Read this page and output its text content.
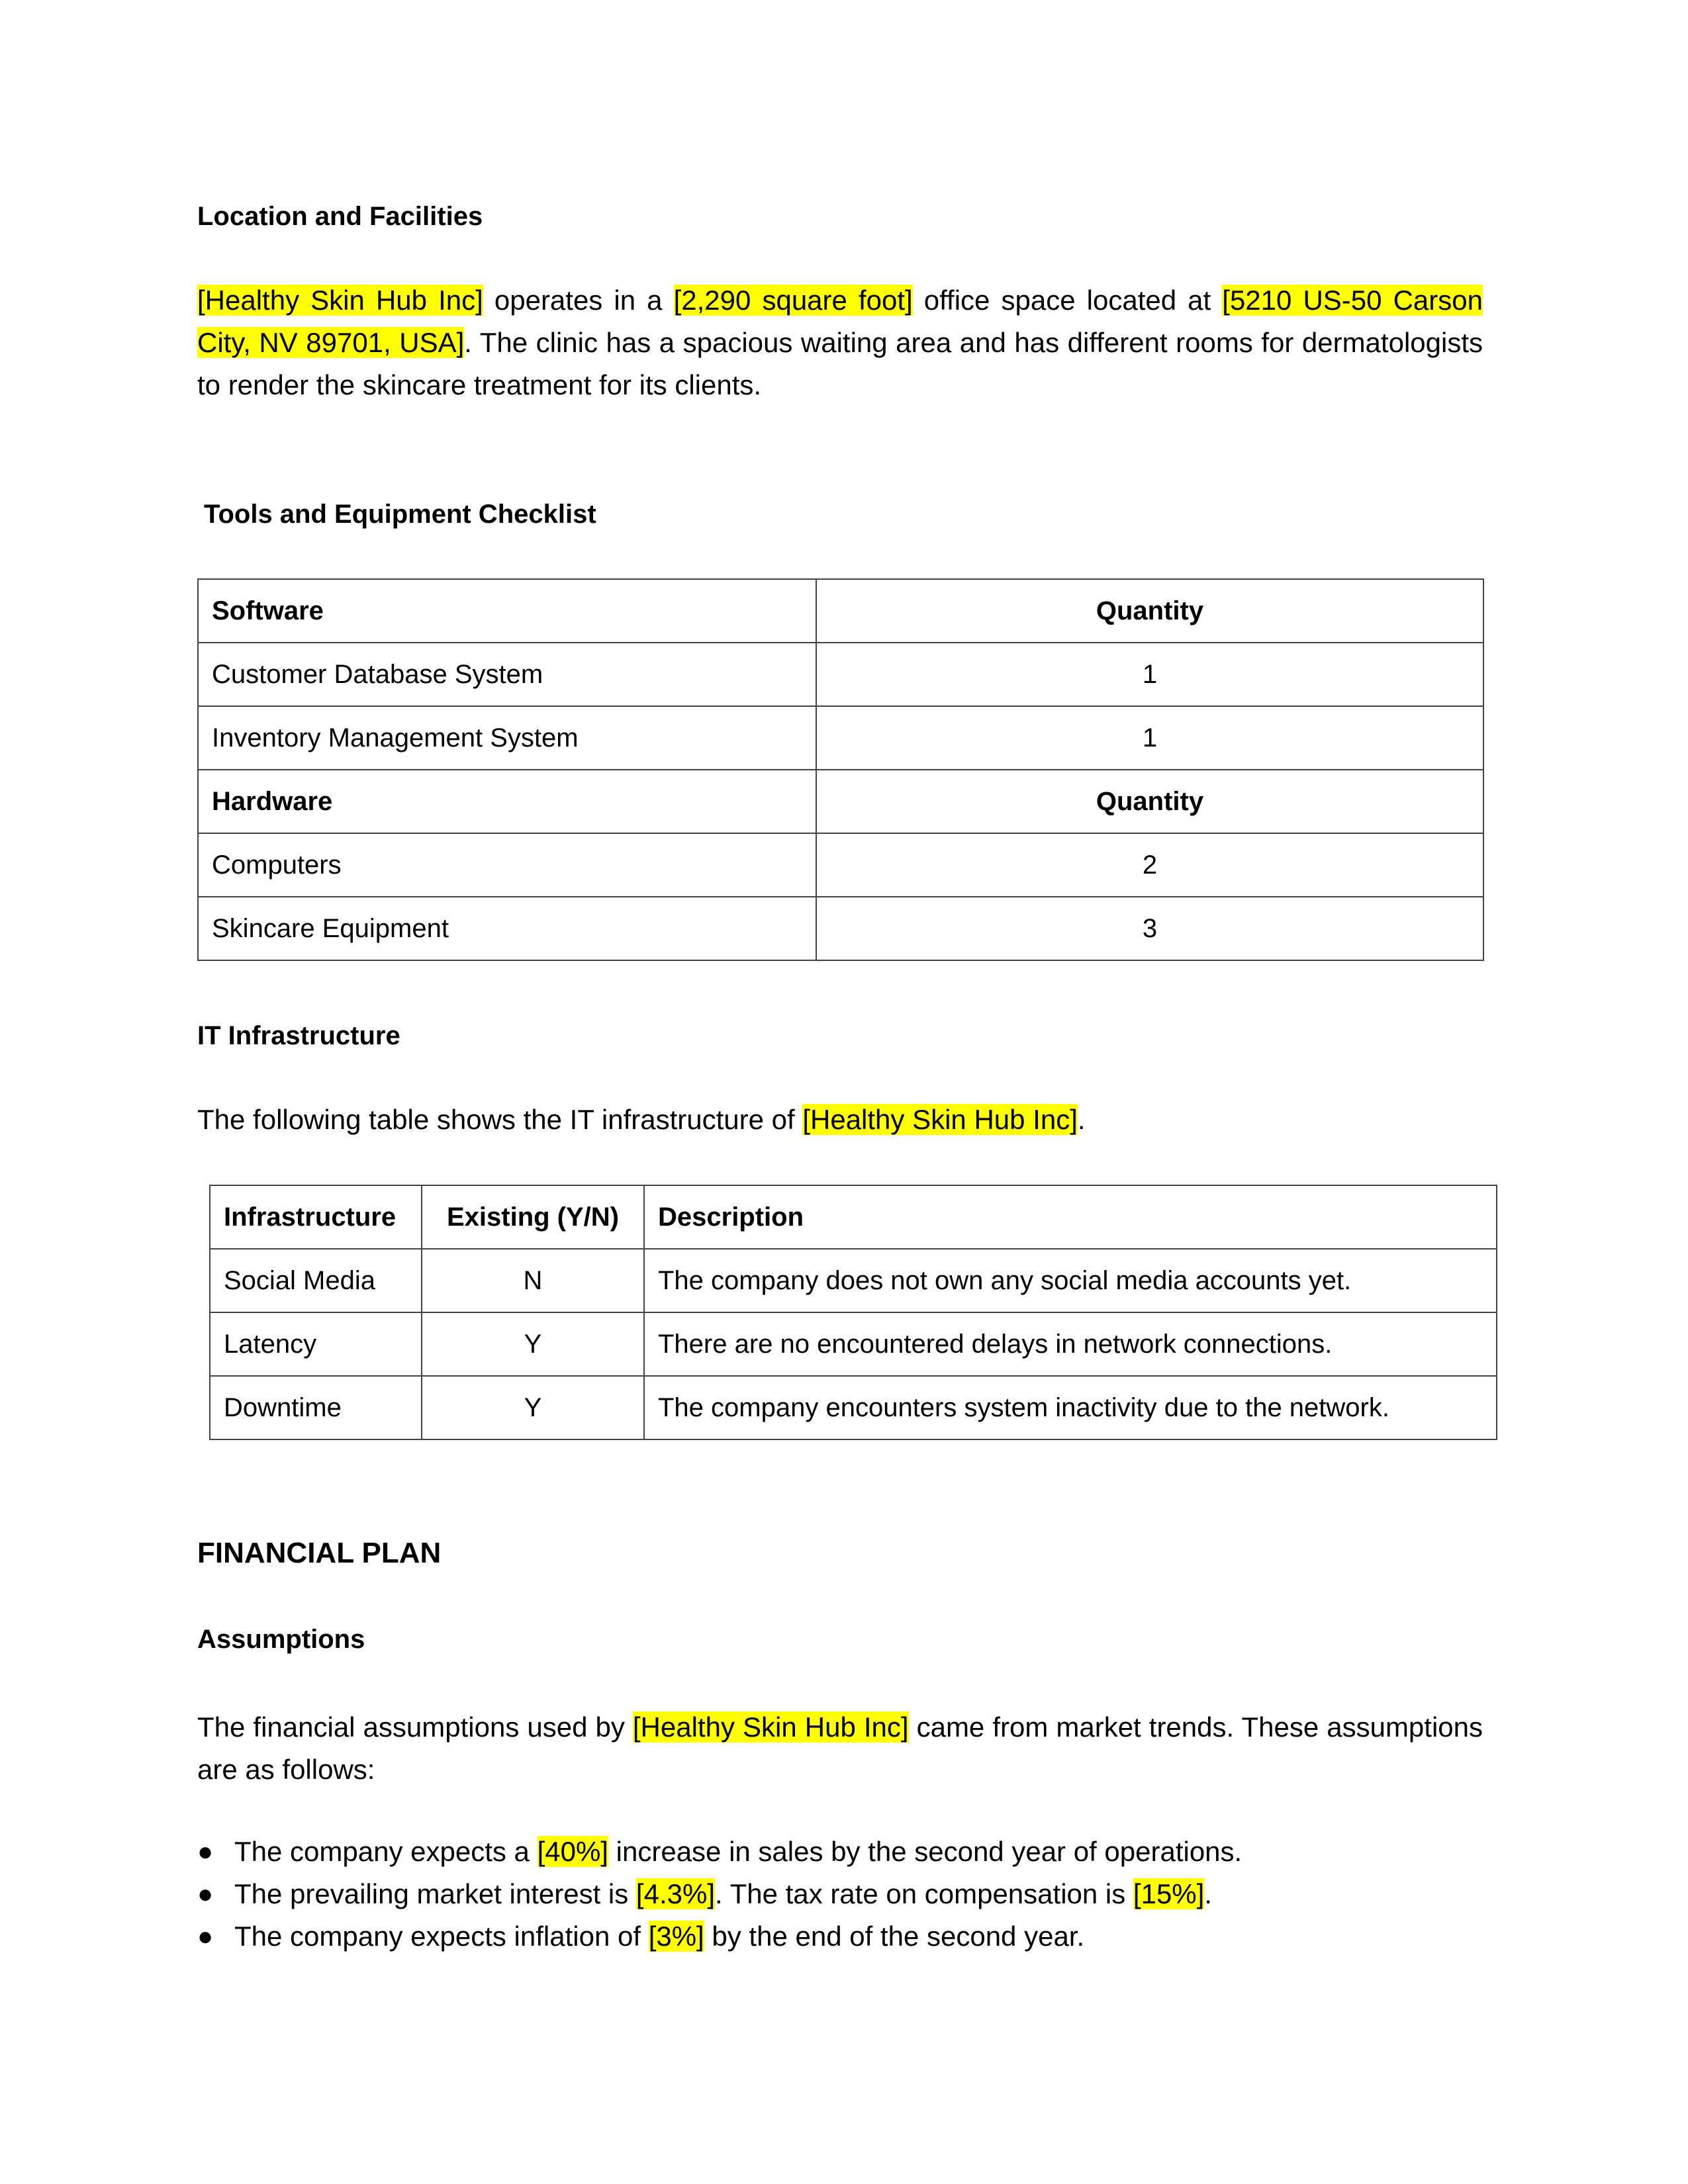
Location and Facilities

[Healthy Skin Hub Inc] operates in a [2,290 square foot] office space located at [5210 US-50 Carson City, NV 89701, USA]. The clinic has a spacious waiting area and has different rooms for dermatologists to render the skincare treatment for its clients.

Tools and Equipment Checklist
Software	Quantity
Customer Database System	1
Inventory Management System	1
Hardware	Quantity
Computers	2
Skincare Equipment	3
IT Infrastructure

The following table shows the IT infrastructure of [Healthy Skin Hub Inc].

Infrastructure	Existing (Y/N)	Description
Social Media	N	The company does not own any social media accounts yet.
Latency	Y	There are no encountered delays in network connections.
Downtime	Y	The company encounters system inactivity due to the network.
FINANCIAL PLAN
Assumptions

The financial assumptions used by [Healthy Skin Hub Inc] came from market trends. These assumptions are as follows:

● The company expects a [40%] increase in sales by the second year of operations.
● The prevailing market interest is [4.3%]. The tax rate on compensation is [15%].
● The company expects inflation of [3%] by the end of the second year.
